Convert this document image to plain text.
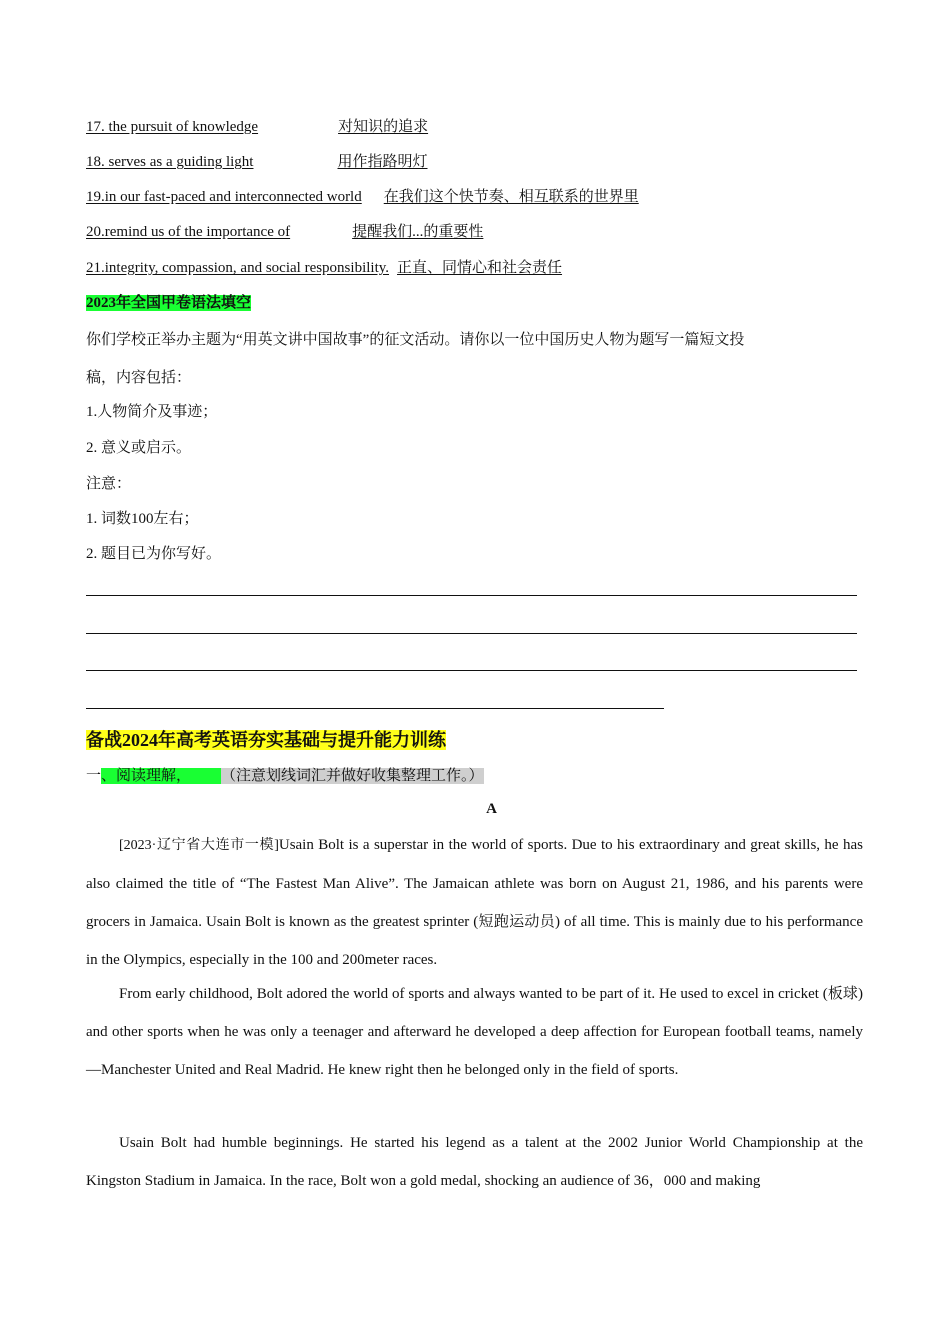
17. the pursuit of knowledge	对知识的追求
18. serves as a guiding light	用作指路明灯
19.in our fast-paced and interconnected world 在我们这个快节奏、相互联系的世界里
20.remind us of the importance of	提醒我们...的重要性
21.integrity, compassion, and social responsibility. 正直、同情心和社会责任
2023年全国甲卷语法填空
你们学校正举办主题为“用英文讲中国故事”的征文活动。请你以一位中国历史人物为题写一篇短文投
稿，内容包括：
1.人物简介及事迹；
2. 意义或启示。
注意：
1. 词数100左右；
2. 题目已为你写好。
备战2024年高考英语夯实基础与提升能力训练
一、阅读理解， （注意划线词汇并做好收集整理工作。）
A

[2023·辽宁省大连市一模]Usain Bolt is a superstar in the world of sports. Due to his extraordinary and great skills, he has also claimed the title of “The Fastest Man Alive”. The Jamaican athlete was born on August 21, 1986, and his parents were grocers in Jamaica. Usain Bolt is known as the greatest sprinter (短跑运动员) of all time. This is mainly due to his performance in the Olympics, especially in the 100 and 200meter races.

From early childhood, Bolt adored the world of sports and always wanted to be part of it. He used to excel in cricket (板球) and other sports when he was only a teenager and afterward he developed a deep affection for European football teams, namely—Manchester United and Real Madrid. He knew right then he belonged only in the field of sports.

Usain Bolt had humble beginnings. He started his legend as a talent at the 2002 Junior World Championship at the Kingston Stadium in Jamaica. In the race, Bolt won a gold medal, shocking an audience of 36，000 and making
